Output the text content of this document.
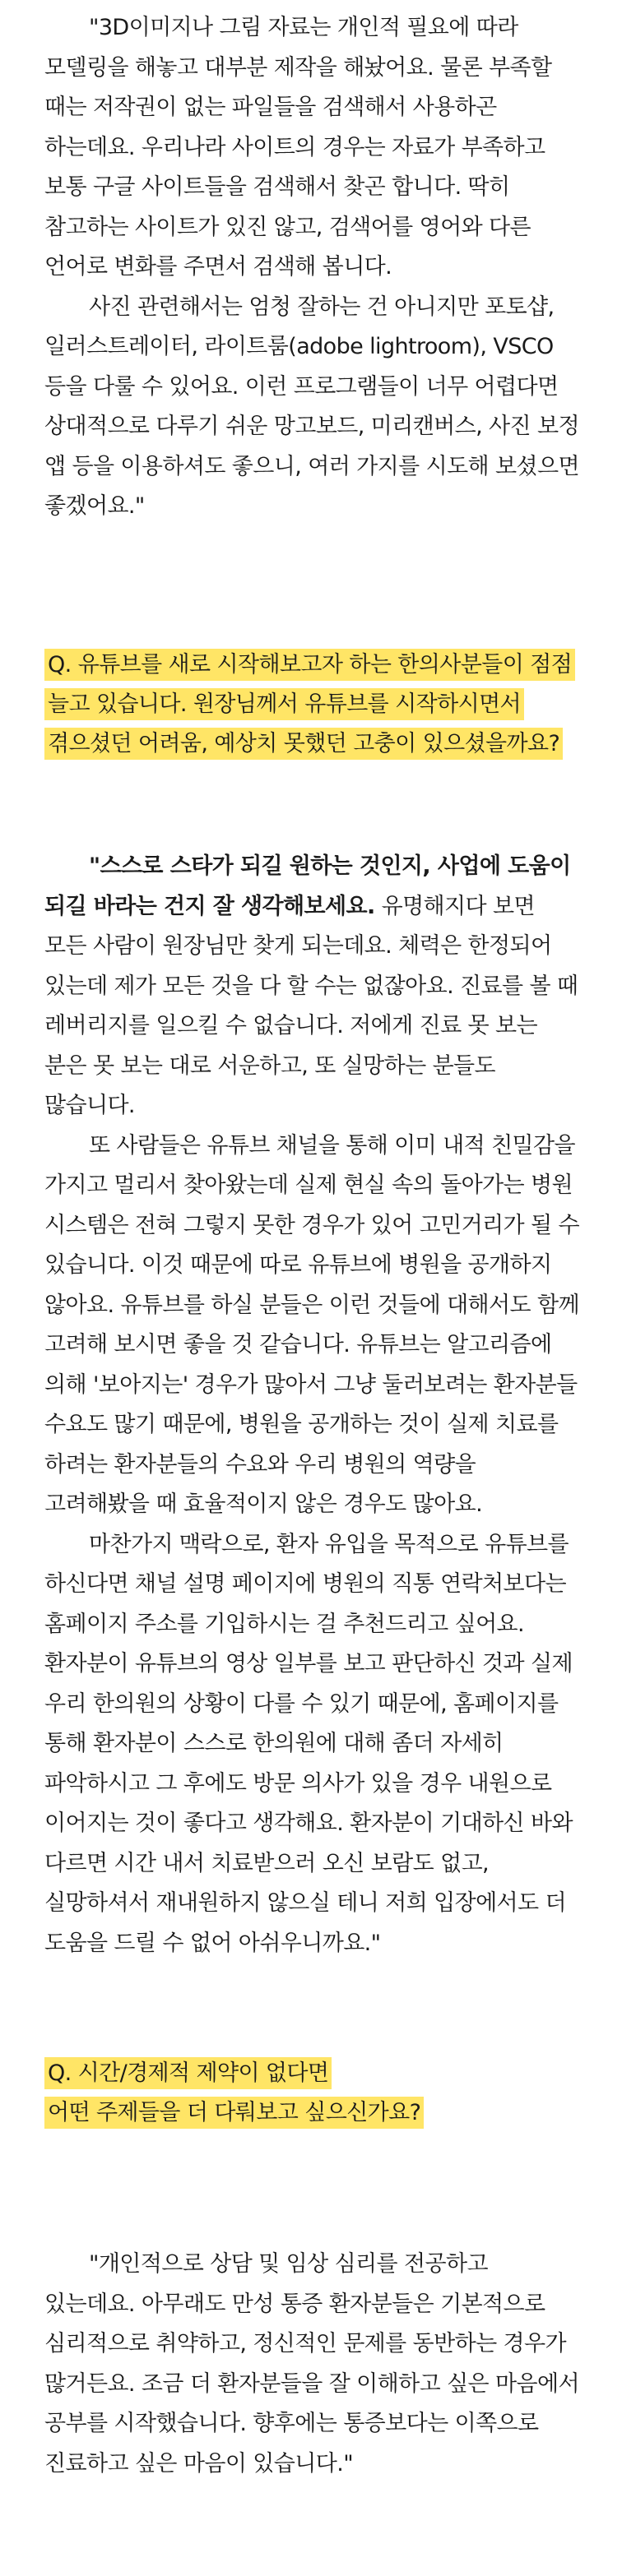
"3D이미지나 그림 자료는 개인적 필요에 따라 모델링을 해놓고 대부분 제작을 해놨어요. 물론 부족할 때는 저작권이 없는 파일들을 검색해서 사용하곤 하는데요. 우리나라 사이트의 경우는 자료가 부족하고 보통 구글 사이트들을 검색해서 찾곤 합니다. 딱히 참고하는 사이트가 있진 않고, 검색어를 영어와 다른 언어로 변화를 주면서 검색해 봅니다.

사진 관련해서는 엄청 잘하는 건 아니지만 포토샵, 일러스트레이터, 라이트룸(adobe lightroom), VSCO 등을 다룰 수 있어요. 이런 프로그램들이 너무 어렵다면 상대적으로 다루기 쉬운 망고보드, 미리캔버스, 사진 보정 앱 등을 이용하셔도 좋으니, 여러 가지를 시도해 보셨으면 좋겠어요."

Q. 유튜브를 새로 시작해보고자 하는 한의사분들이 점점 늘고 있습니다. 원장님께서 유튜브를 시작하시면서 겪으셨던 어려움, 예상치 못했던 고충이 있으셨을까요?

"스스로 스타가 되길 원하는 것인지, 사업에 도움이 되길 바라는 건지 잘 생각해보세요. 유명해지다 보면 모든 사람이 원장님만 찾게 되는데요. 체력은 한정되어 있는데 제가 모든 것을 다 할 수는 없잖아요. 진료를 볼 때 레버리지를 일으킬 수 없습니다. 저에게 진료 못 보는 분은 못 보는 대로 서운하고, 또 실망하는 분들도 많습니다.

또 사람들은 유튜브 채널을 통해 이미 내적 친밀감을 가지고 멀리서 찾아왔는데 실제 현실 속의 돌아가는 병원 시스템은 전혀 그렇지 못한 경우가 있어 고민거리가 될 수 있습니다. 이것 때문에 따로 유튜브에 병원을 공개하지 않아요. 유튜브를 하실 분들은 이런 것들에 대해서도 함께 고려해 보시면 좋을 것 같습니다. 유튜브는 알고리즘에 의해 '보아지는' 경우가 많아서 그냥 둘러보려는 환자분들 수요도 많기 때문에, 병원을 공개하는 것이 실제 치료를 하려는 환자분들의 수요와 우리 병원의 역량을 고려해봤을 때 효율적이지 않은 경우도 많아요.

마찬가지 맥락으로, 환자 유입을 목적으로 유튜브를 하신다면 채널 설명 페이지에 병원의 직통 연락처보다는 홈페이지 주소를 기입하시는 걸 추천드리고 싶어요. 환자분이 유튜브의 영상 일부를 보고 판단하신 것과 실제 우리 한의원의 상황이 다를 수 있기 때문에, 홈페이지를 통해 환자분이 스스로 한의원에 대해 좀더 자세히 파악하시고 그 후에도 방문 의사가 있을 경우 내원으로 이어지는 것이 좋다고 생각해요. 환자분이 기대하신 바와 다르면 시간 내서 치료받으러 오신 보람도 없고, 실망하셔서 재내원하지 않으실 테니 저희 입장에서도 더 도움을 드릴 수 없어 아쉬우니까요."

Q. 시간/경제적 제약이 없다면
어떤 주제들을 더 다뤄보고 싶으신가요?

"개인적으로 상담 및 임상 심리를 전공하고 있는데요. 아무래도 만성 통증 환자분들은 기본적으로 심리적으로 취약하고, 정신적인 문제를 동반하는 경우가 많거든요. 조금 더 환자분들을 잘 이해하고 싶은 마음에서 공부를 시작했습니다. 향후에는 통증보다는 이쪽으로 진료하고 싶은 마음이 있습니다."
